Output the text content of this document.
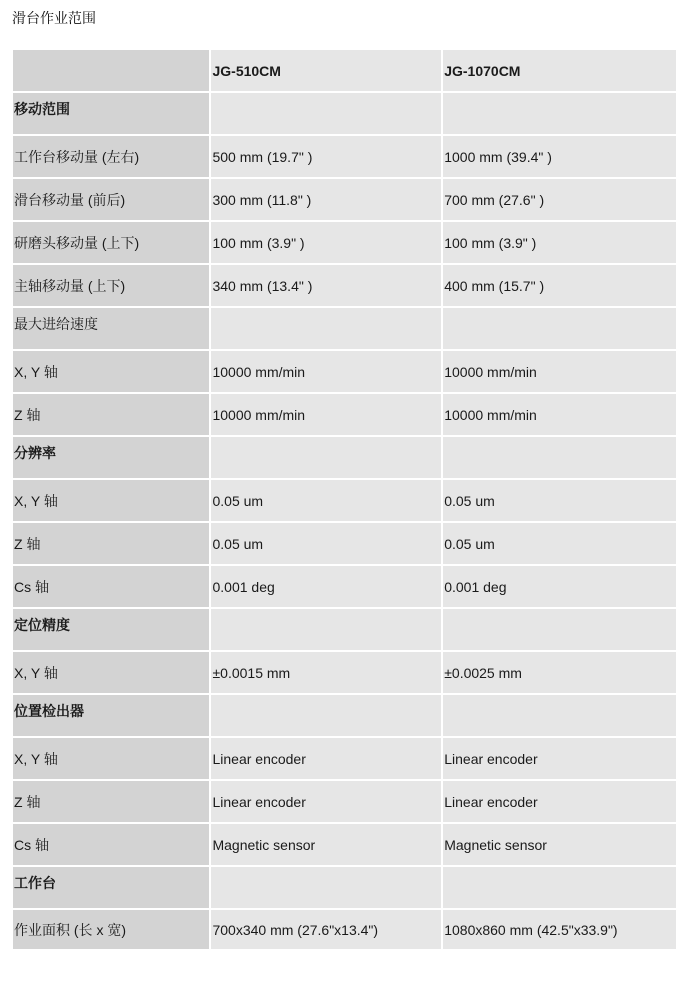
滑台作业范围
	JG-510CM	JG-1070CM
移动范围		
工作台移动量 (左右)	500 mm (19.7" )	1000 mm (39.4" )
滑台移动量 (前后)	300 mm (11.8" )	700 mm (27.6" )
研磨头移动量 (上下)	100 mm (3.9" )	100 mm (3.9" )
主轴移动量 (上下)	340 mm (13.4" )	400 mm (15.7" )
最大进给速度		
X, Y 轴	10000 mm/min	10000 mm/min
Z 轴	10000 mm/min	10000 mm/min
分辨率		
X, Y 轴	0.05 um	0.05 um
Z 轴	0.05 um	0.05 um
Cs 轴	0.001 deg	0.001 deg
定位精度		
X, Y 轴	±0.0015 mm	±0.0025 mm
位置检出器		
X, Y 轴	Linear encoder	Linear encoder
Z 轴	Linear encoder	Linear encoder
Cs 轴	Magnetic sensor	Magnetic sensor
工作台		
作业面积 (长 x 宽)	700x340 mm (27.6"x13.4")	1080x860 mm (42.5"x33.9")
